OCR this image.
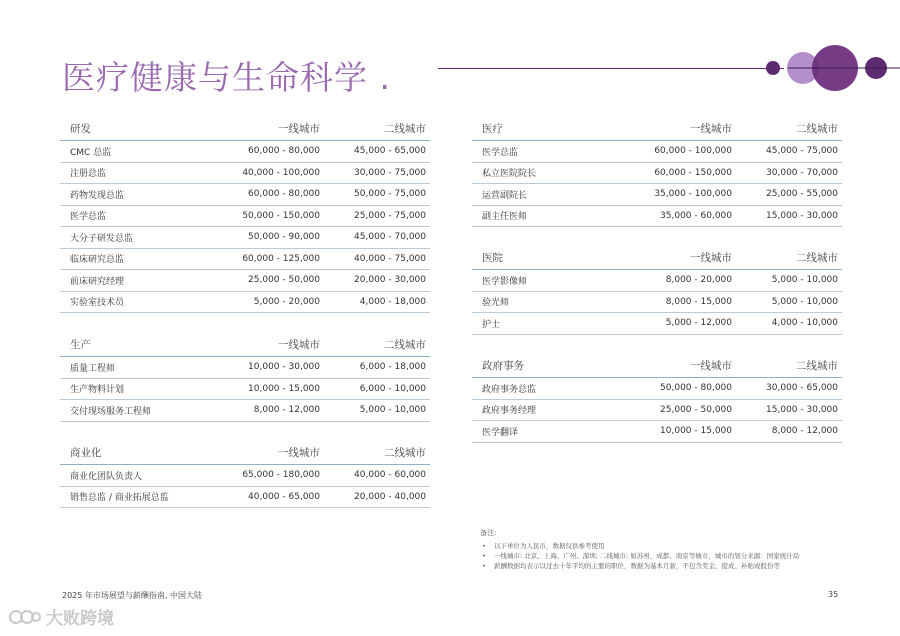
医疗健康与生命科学 .
研发	一线城市	二线城市
CMC 总监	60,000 - 80,000	45,000 - 65,000
注册总监	40,000 - 100,000	30,000 - 75,000
药物发现总监	60,000 - 80,000	50,000 - 75,000
医学总监	50,000 - 150,000	25,000 - 75,000
大分子研发总监	50,000 - 90,000	45,000 - 70,000
临床研究总监	60,000 - 125,000	40,000 - 75,000
前床研究经理	25,000 - 50,000	20,000 - 30,000
实验室技术员	5,000 - 20,000	4,000 - 18,000
生产	一线城市	二线城市
质量工程师	10,000 - 30,000	6,000 - 18,000
生产物料计划	10,000 - 15,000	6,000 - 10,000
交付现场服务工程师	8,000 - 12,000	5,000 - 10,000
商业化	一线城市	二线城市
商业化团队负责人	65,000 - 180,000	40,000 - 60,000
销售总监 / 商业拓展总监	40,000 - 65,000	20,000 - 40,000
医疗	一线城市	二线城市
医学总监	60,000 - 100,000	45,000 - 75,000
私立医院院长	60,000 - 150,000	30,000 - 70,000
运营副院长	35,000 - 100,000	25,000 - 55,000
副主任医师	35,000 - 60,000	15,000 - 30,000
医院	一线城市	二线城市
医学影像师	8,000 - 20,000	5,000 - 10,000
验光师	8,000 - 15,000	5,000 - 10,000
护士	5,000 - 12,000	4,000 - 10,000
政府事务	一线城市	二线城市
政府事务总监	50,000 - 80,000	30,000 - 65,000
政府事务经理	25,000 - 50,000	15,000 - 30,000
医学翻译	10,000 - 15,000	8,000 - 12,000
备注:
• 以下单位为人民币，数据仅供参考使用
• 一线城市: 北京、上海、广州、深圳; 二线城市: 如苏州、成都、南京等城市，城市的划分来源：国家统计局
• 薪酬数据均表示以过去十年平均的主要的职位，数据为基本月薪，不包含奖金、提成、补贴或股份等
2025 年市场展望与薪酬指南, 中国大陆	35
大败跨境
